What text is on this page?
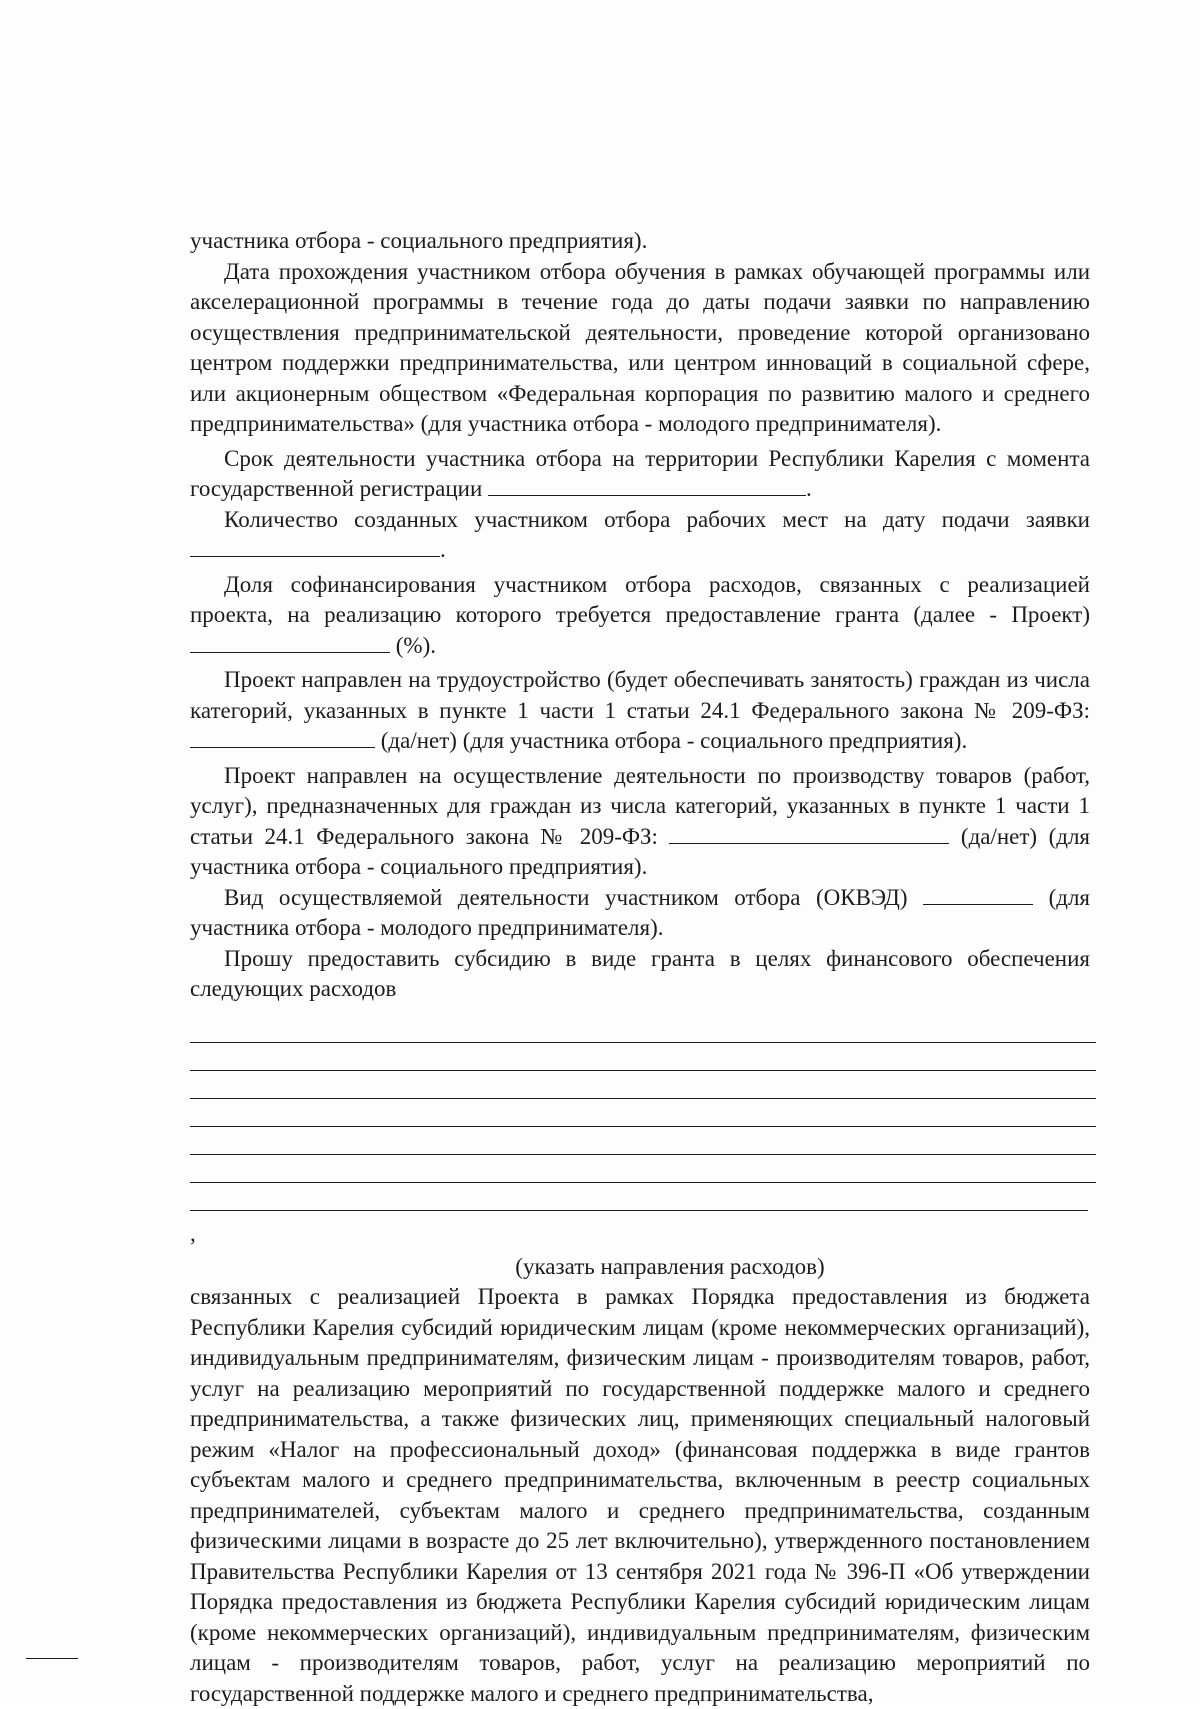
участника отбора - социального предприятия).

Дата прохождения участником отбора обучения в рамках обучающей программы или акселерационной программы в течение года до даты подачи заявки по направлению осуществления предпринимательской деятельности, проведение которой организовано центром поддержки предпринимательства, или центром инноваций в социальной сфере, или акционерным обществом «Федеральная корпорация по развитию малого и среднего предпринимательства» (для участника отбора - молодого предпринимателя).

Срок деятельности участника отбора на территории Республики Карелия с момента государственной регистрации	.

Количество созданных участником отбора рабочих мест на дату подачи заявки .

Доля софинансирования участником отбора расходов, связанных с реализацией проекта, на реализацию которого требуется предоставление гранта (далее - Проект)  (%).

Проект направлен на трудоустройство (будет обеспечивать занятость) граждан из числа категорий, указанных в пункте 1 части 1 статьи 24.1 Федерального закона № 209-ФЗ:  (да/нет) (для участника отбора - социального предприятия).

Проект направлен на осуществление деятельности по производству товаров (работ, услуг), предназначенных для граждан из числа категорий, указанных в пункте 1 части 1 статьи 24.1 Федерального закона № 209-ФЗ:	(да/нет) (для участника отбора - социального предприятия).

Вид осуществляемой деятельности участником отбора (ОКВЭД)	(для участника отбора - молодого предпринимателя).

Прошу предоставить субсидию в виде гранта в целях финансового обеспечения следующих расходов

,
(указать направления расходов)

связанных с реализацией Проекта в рамках Порядка предоставления из бюджета Республики Карелия субсидий юридическим лицам (кроме некоммерческих организаций), индивидуальным предпринимателям, физическим лицам - производителям товаров, работ, услуг на реализацию мероприятий по государственной поддержке малого и среднего предпринимательства, а также физических лиц, применяющих специальный налоговый режим «Налог на профессиональный доход» (финансовая поддержка в виде грантов субъектам малого и среднего предпринимательства, включенным в реестр социальных предпринимателей, субъектам малого и среднего предпринимательства, созданным физическими лицами в возрасте до 25 лет включительно), утвержденного постановлением Правительства Республики Карелия от 13 сентября 2021 года № 396-П «Об утверждении Порядка предоставления из бюджета Республики Карелия субсидий юридическим лицам (кроме некоммерческих организаций), индивидуальным предпринимателям, физическим лицам - производителям товаров, работ, услуг на реализацию мероприятий по государственной поддержке малого и среднего предпринимательства,
